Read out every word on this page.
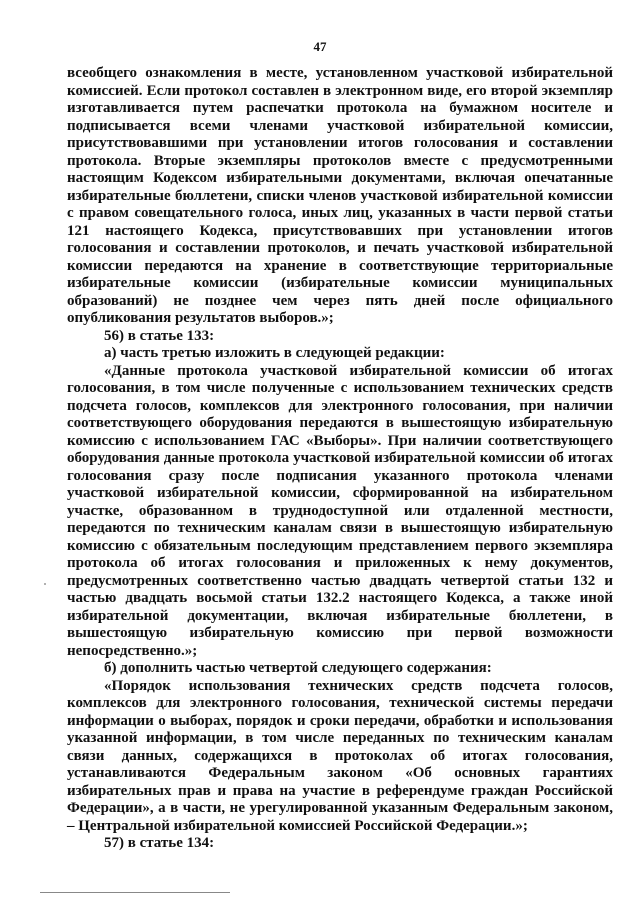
47

всеобщего ознакомления в месте, установленном участковой избирательной комиссией. Если протокол составлен в электронном виде, его второй экземпляр изготавливается путем распечатки протокола на бумажном носителе и подписывается всеми членами участковой избирательной комиссии, присутствовавшими при установлении итогов голосования и составлении протокола. Вторые экземпляры протоколов вместе с предусмотренными настоящим Кодексом избирательными документами, включая опечатанные избирательные бюллетени, списки членов участковой избирательной комиссии с правом совещательного голоса, иных лиц, указанных в части первой статьи 121 настоящего Кодекса, присутствовавших при установлении итогов голосования и составлении протоколов, и печать участковой избирательной комиссии передаются на хранение в соответствующие территориальные избирательные комиссии (избирательные комиссии муниципальных образований) не позднее чем через пять дней после официального опубликования результатов выборов.»;

56) в статье 133:

а) часть третью изложить в следующей редакции:

«Данные протокола участковой избирательной комиссии об итогах голосования, в том числе полученные с использованием технических средств подсчета голосов, комплексов для электронного голосования, при наличии соответствующего оборудования передаются в вышестоящую избирательную комиссию с использованием ГАС «Выборы». При наличии соответствующего оборудования данные протокола участковой избирательной комиссии об итогах голосования сразу после подписания указанного протокола членами участковой избирательной комиссии, сформированной на избирательном участке, образованном в труднодоступной или отдаленной местности, передаются по техническим каналам связи в вышестоящую избирательную комиссию с обязательным последующим представлением первого экземпляра протокола об итогах голосования и приложенных к нему документов, предусмотренных соответственно частью двадцать четвертой статьи 132 и частью двадцать восьмой статьи 132.2 настоящего Кодекса, а также иной избирательной документации, включая избирательные бюллетени, в вышестоящую избирательную комиссию при первой возможности непосредственно.»;

б) дополнить частью четвертой следующего содержания:

«Порядок использования технических средств подсчета голосов, комплексов для электронного голосования, технической системы передачи информации о выборах, порядок и сроки передачи, обработки и использования указанной информации, в том числе переданных по техническим каналам связи данных, содержащихся в протоколах об итогах голосования, устанавливаются Федеральным законом «Об основных гарантиях избирательных прав и права на участие в референдуме граждан Российской Федерации», а в части, не урегулированной указанным Федеральным законом, – Центральной избирательной комиссией Российской Федерации.»;

57) в статье 134:
